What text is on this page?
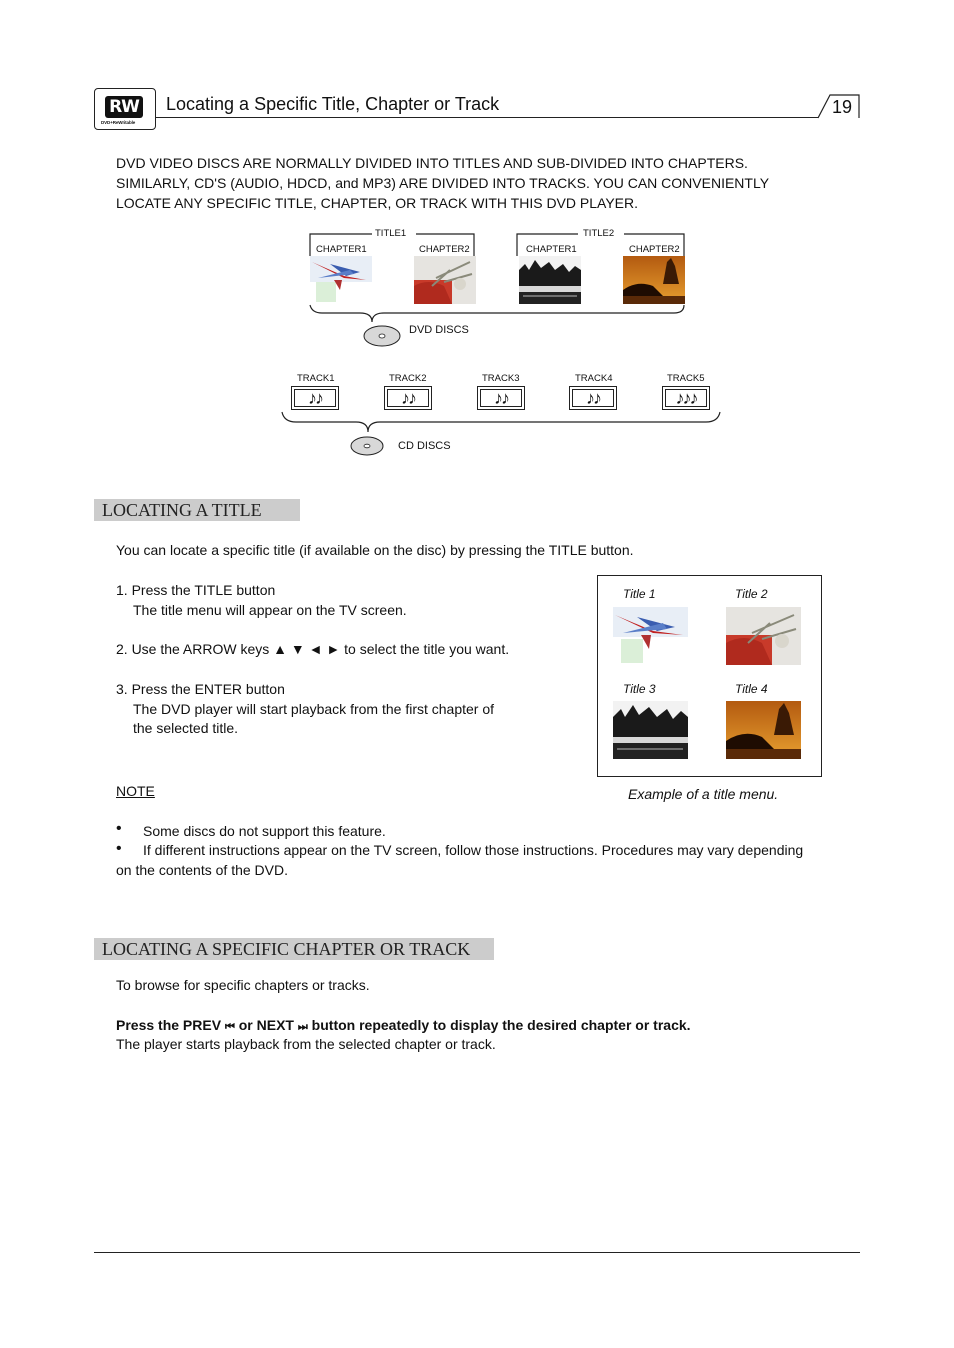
RW
DVD+ReWritable
Locating a Specific Title, Chapter or Track	19
DVD VIDEO DISCS ARE NORMALLY DIVIDED INTO TITLES AND SUB-DIVIDED INTO CHAPTERS.
SIMILARLY, CD'S (AUDIO, HDCD, and MP3) ARE DIVIDED INTO TRACKS. YOU CAN CONVENIENTLY
LOCATE ANY SPECIFIC TITLE, CHAPTER, OR TRACK WITH THIS DVD PLAYER.
TITLE1	TITLE2
CHAPTER1	CHAPTER2	CHAPTER1	CHAPTER2
DVD DISCS
TRACK1	TRACK2	TRACK3	TRACK4	TRACK5
♪♪	♪♪	♪♪	♪♪	♪♪♪
CD DISCS
LOCATING A TITLE
You can locate a specific title (if available on the disc) by pressing the TITLE button.
1. Press the TITLE button
The title menu will appear on the TV screen.
2. Use the ARROW keys ▲ ▼ ◄ ► to select the title you want.
3. Press the ENTER button
The DVD player will start playback from the first chapter of
the selected title.
Title 1	Title 2
Title 3	Title 4
Example of a title menu.
NOTE
• Some discs do not support this feature.
• If different instructions appear on the TV screen, follow those instructions. Procedures may vary depending
on the contents of the DVD.
LOCATING A SPECIFIC CHAPTER OR TRACK
To browse for specific chapters or tracks.
Press the PREV ⏮ or NEXT ⏭ button repeatedly to display the desired chapter or track.
The player starts playback from the selected chapter or track.
